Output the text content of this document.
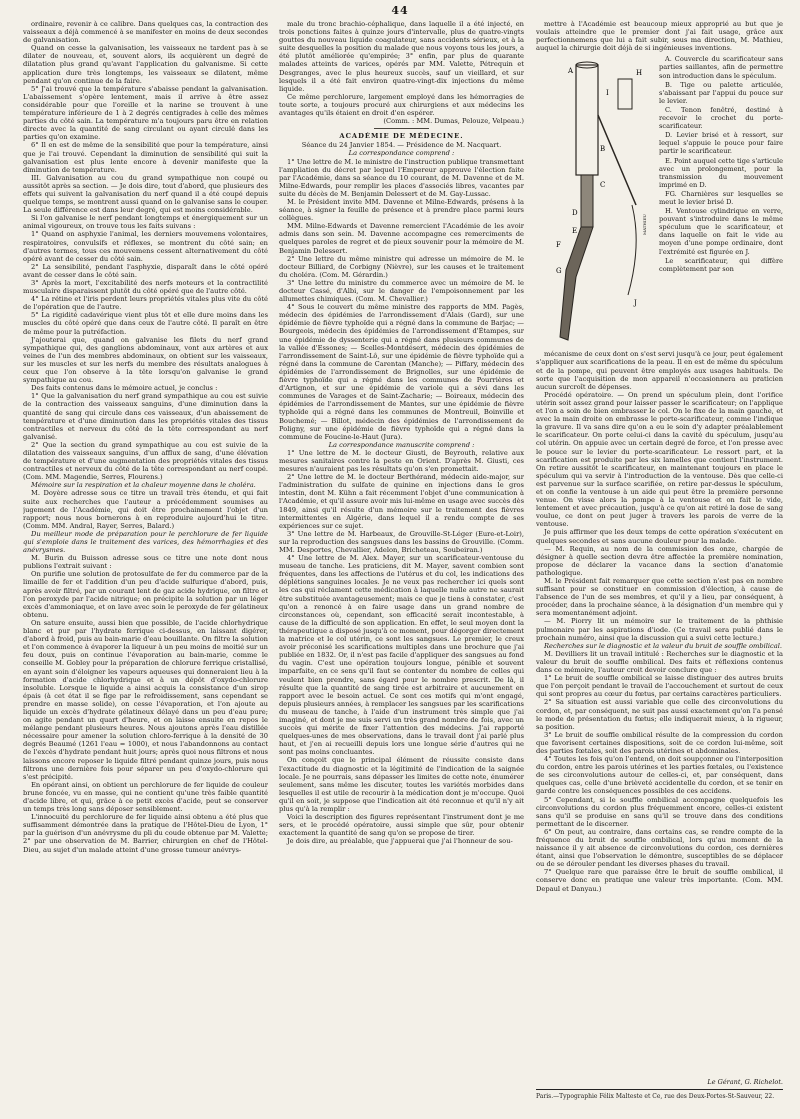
44

ordinaire, revenir à ce calibre. Dans quelques cas, la contraction des vaisseaux a déjà commencé à se manifester en moins de deux secondes de galvanisation.

Quand on cesse la galvanisation, les vaisseaux ne tardent pas à se dilater de nouveau, et, souvent alors, ils acquièrent un degré de dilatation plus grand qu'avant l'application du galvanisme. Si cette application dure très longtemps, les vaisseaux se dilatent, même pendant qu'on continue de la faire.

5° J'ai trouvé que la température s'abaisse pendant la galvanisation. L'abaissement s'opère lentement, mais il arrive à être assez considérable pour que l'oreille et la narine se trouvent à une température inférieure de 1 à 2 degrés centigrades à celle des mêmes parties du côté sain. La température m'a toujours paru être en relation directe avec la quantité de sang circulant ou ayant circulé dans les parties qu'on examine.

6° Il en est de même de la sensibilité que pour la température, ainsi que je l'ai trouvé. Cependant la diminution de sensibilité qui suit la galvanisation est plus lente encore à devenir manifeste que la diminution de température.

III. Galvanisation au cou du grand sympathique non coupé ou aussitôt après sa section. — Je dois dire, tout d'abord, que plusieurs des effets qui suivent la galvanisation du nerf quand il a été coupé depuis quelque temps, se montrent aussi quand on le galvanise sans le couper. La seule différence est dans leur degré, qui est moins considérable.

Si l'on galvanise le nerf pendant longtemps et énergiquement sur un animal vigoureux, on trouve tous les faits suivans :

1° Quand on asphyxie l'animal, les derniers mouvemens volontaires, respiratoires, convulsifs et réflexes, se montrent du côté sain; en d'autres termes, tous ces mouvemens cessent alternativement du côté opéré avant de cesser du côté sain.

2° La sensibilité, pendant l'asphyxie, disparaît dans le côté opéré avant de cesser dans le côté sain.

3° Après la mort, l'excitabilité des nerfs moteurs et la contractilité musculaire disparaissent plutôt du côté opéré que de l'autre côté.

4° La rétine et l'iris perdent leurs propriétés vitales plus vite du côté de l'opération que de l'autre.

5° La rigidité cadavérique vient plus tôt et elle dure moins dans les muscles du côté opéré que dans ceux de l'autre côté. Il paraît en être de même pour la putréfaction.

J'ajouterai que, quand on galvanise les filets du nerf grand sympathique qui, des ganglions abdominaux, vont aux artères et aux veines de l'un des membres abdominaux, on obtient sur les vaisseaux, sur les muscles et sur les nerfs du membre des résultats analogues à ceux que l'on observe à la tête lorsqu'on galvanise le grand sympathique au cou.

Des faits contenus dans le mémoire actuel, je conclus :

1° Que la galvanisation du nerf grand sympathique au cou est suivie de la contraction des vaisseaux sanguins, d'une diminution dans la quantité de sang qui circule dans ces vaisseaux, d'un abaissement de température et d'une diminution dans les propriétés vitales des tissus contractiles et nerveux du côté de la tête correspondant au nerf galvanisé.

2° Que la section du grand sympathique au cou est suivie de la dilatation des vaisseaux sanguins, d'un afflux de sang, d'une élévation de température et d'une augmentation des propriétés vitales des tissus contractiles et nerveux du côté de la tête correspondant au nerf coupé. (Com. MM. Magendie, Serres, Flourens.)

Mémoire sur la respiration et la chaleur moyenne dans le choléra.

M. Doyère adresse sous ce titre un travail très étendu, et qui fait suite aux recherches que l'auteur a précédemment soumises au jugement de l'Académie, qui doit être prochainement l'objet d'un rapport; nous nous bornerons à en reproduire aujourd'hui le titre. (Comm. MM. Andral, Rayer, Serres, Balard.)

Du meilleur mode de préparation pour le perchlorure de fer liquide qui s'emploie dans le traitement des varices, des hémorrhagies et des anévrysmes.

M. Burin du Buisson adresse sous ce titre une note dont nous publions l'extrait suivant :

On purifie une solution de protosulfate de fer du commerce par de la limaille de fer et l'addition d'un peu d'acide sulfurique d'abord, puis, après avoir filtré, par un courant lent de gaz acide hydrique, on filtre et l'on peroxyde par l'acide nitrique; on précipite la solution par un léger excès d'ammoniaque, et on lave avec soin le peroxyde de fer gélatineux obtenu.

On sature ensuite, aussi bien que possible, de l'acide chlorhydrique blanc et pur par l'hydrate ferrique ci-dessus, en laissant digérer, d'abord à froid, puis au bain-marie d'eau bouillante. On filtre la solution et l'on commence à évaporer la liqueur à un peu moins de moitié sur un feu doux, puis on continue l'évaporation au bain-marie, comme le conseille M. Gobley pour la préparation de chlorure ferrique cristallisé, en ayant soin d'éloigner les vapeurs aqueuses qui donneraient lieu à la formation d'acide chlorhydrique et à un dépôt d'oxydo-chlorure insoluble. Lorsque le liquide a ainsi acquis la consistance d'un sirop épais (à cet état il se fige par le refroidissement, sans cependant se prendre en masse solide), on cesse l'évaporation, et l'on ajoute au liquide un excès d'hydrate gélatineux délayé dans un peu d'eau pure; on agite pendant un quart d'heure, et on laisse ensuite en repos le mélange pendant plusieurs heures. Nous ajoutons après l'eau distillée nécessaire pour amener la solution chloro-ferrique à la densité de 30 degrés Beaumé (1261 l'eau = 1000), et nous l'abandonnons au contact de l'excès d'hydrate pendant huit jours; après quoi nous filtrons et nous laissons encore reposer le liquide filtré pendant quinze jours, puis nous filtrons une dernière fois pour séparer un peu d'oxydo-chlorure qui s'est précipité.

En opérant ainsi, on obtient un perchlorure de fer liquide de couleur brune foncée, vu en masse, qui ne contient qu'une très faible quantité d'acide libre, et qui, grâce à ce petit excès d'acide, peut se conserver un temps très long sans déposer sensiblement.

L'innocuité du perchlorure de fer liquide ainsi obtenu a été plus que suffisamment démontrée dans la pratique de l'Hôtel-Dieu de Lyon, 1° par la guérison d'un anévrysme du pli du coude obtenue par M. Valette; 2° par une observation de M. Barrier, chirurgien en chef de l'Hôtel-Dieu, au sujet d'un malade atteint d'une grosse tumeur anévrys-

male du tronc brachio-céphalique, dans laquelle il a été injecté, en trois ponctions faites à quinze jours d'intervalle, plus de quatre-vingts gouttes du nouveau liquide coagulateur, sans accidents sérieux, et à la suite desquelles la position du malade que nous voyons tous les jours, a été plutôt améliorée qu'empirée; 3° enfin, par plus de quarante malades atteints de varices, opérés par MM. Valette, Pétrequin et Desgranges, avec le plus heureux succès, sauf un vieillard, et sur lesquels il a été fait environ quatre-vingt-dix injections du même liquide.

Ce même perchlorure, largement employé dans les hémorragies de toute sorte, a toujours procuré aux chirurgiens et aux médecins les avantages qu'ils étaient en droit d'en espérer.

(Comm. : MM. Dumas, Pelouze, Velpeau.)

ACADÉMIE DE MÉDECINE.

Séance du 24 Janvier 1854. — Présidence de M. Nacquart.

La correspondance comprend :

1° Une lettre de M. le ministre de l'instruction publique transmettant l'ampliation du décret par lequel l'Empereur approuve l'élection faite par l'Académie, dans sa séance du 10 courant, de M. Davenne et de M. Milne-Edwards, pour remplir les places d'associés libres, vacantes par suite du décès de M. Benjamin Delessert et de M. Gay-Lussac.

M. le Président invite MM. Davenne et Milne-Edwards, présens à la séance, à signer la feuille de présence et à prendre place parmi leurs collègues.

MM. Milne-Edwards et Davenne remercient l'Académie de les avoir admis dans son sein. M. Davenne accompagne ces remerciments de quelques paroles de regret et de pieux souvenir pour la mémoire de M. Benjamin Delessert.

2° Une lettre du même ministre qui adresse un mémoire de M. le docteur Billiard, de Corbigny (Nièvre), sur les causes et le traitement du choléra. (Com. M. Gérardin.)

3° Une lettre du ministre du commerce avec un mémoire de M. le docteur Cassé, d'Albi, sur le danger de l'empoisonnement par les allumettes chimiques. (Com. M. Chevallier.)

4° Sous le couvert du même ministre des rapports de MM. Pagès, médecin des épidémies de l'arrondissement d'Alais (Gard), sur une épidémie de fièvre typhoïde qui a régné dans la commune de Barjac; — Bourgeois, médecin des épidémies de l'arrondissement d'Étampes, sur une épidémie de dyssenterie qui a régné dans plusieurs communes de la vallée d'Essones; — Scelles-Montdésert, médecin des épidémies de l'arrondissement de Saint-Lô, sur une épidémie de fièvre typhoïde qui a régné dans la commune de Carentan (Manche); — Piffary, médecin des épidémies de l'arrondissement de Brignolles, sur une épidémie de fièvre typhoïde qui a régné dans les communes de Pourrières et d'Artignon, et sur une épidémie de variole qui a sévi dans les communes de Varages et de Saint-Zacharie; — Boireaux, médecin des épidémies de l'arrondissement de Mantes, sur une épidémie de fièvre typhoïde qui a régné dans les communes de Montreuil, Boinville et Bouchemé; — Billot, médecin des épidémies de l'arrondissement de Poligny, sur une épidémie de fièvre typhoïde qui a régné dans la commune de Foucine-le-Haut (Jura).

La correspondance manuscrite comprend :

1° Une lettre de M. le docteur Giusti, de Beyrouth, relative aux mesures sanitaires contre la peste en Orient. D'après M. Giusti, ces mesures n'auraient pas les résultats qu'on s'en promettait.

2° Une lettre de M. le docteur Berthérand, médecin aide-major, sur l'administration du sulfate de quinine en injections dans le gros intestin, dont M. Kühn a fait récemment l'objet d'une communication à l'Académie, et qu'il assure avoir mis lui-même en usage avec succès dès 1849, ainsi qu'il résulte d'un mémoire sur le traitement des fièvres intermittentes en Algérie, dans lequel il a rendu compte de ses expériences sur ce sujet.

3° Une lettre de M. Harbeaux, de Grouville-St-Léger (Eure-et-Loir), sur la reproduction des sangsues dans les bassins de Grouville. (Comm. MM. Desportes, Chevallier, Adelon, Bricheteau, Soubeiran.)

4° Une lettre de M. Alex. Mayer, sur un scarificateur-ventouse du museau de tanche. Les praticiens, dit M. Mayer, savent combien sont fréquentes, dans les affections de l'utérus et du col, les indications des déplétions sanguines locales. Je ne veux pas rechercher ici quels sont les cas qui réclament cette médication à laquelle nulle autre ne saurait être substituée avantageusement; mais ce que je tiens à constater, c'est qu'on a renoncé à en faire usage dans un grand nombre de circonstances où, cependant, son efficacité serait incontestable, à cause de la difficulté de son application. En effet, le seul moyen dont la thérapeutique a disposé jusqu'à ce moment, pour dégorger directement la matrice et le col utérin, ce sont les sangsues. Le premier, le creux avoir préconisé les scarifications multiples dans une brochure que j'ai publiée en 1832. Or, il n'est pas facile d'appliquer des sangsues au fond du vagin. C'est une opération toujours longue, pénible et souvent imparfaite, en ce sens qu'il faut se contenter du nombre de celles qui veulent bien prendre, sans égard pour le nombre prescrit. De là, il résulte que la quantité de sang tirée est arbitraire et aucunement en rapport avec le besoin actuel. Ce sont ces motifs qui m'ont engagé, depuis plusieurs années, à remplacer les sangsues par les scarifications du museau de tanche, à l'aide d'un instrument très simple que j'ai imaginé, et dont je me suis servi un très grand nombre de fois, avec un succès qui mérite de fixer l'attention des médecins. J'ai rapporté quelques-unes de mes observations, dans le travail dont j'ai parlé plus haut, et j'en ai recueilli depuis lors une longue série d'autres qui ne sont pas moins concluantes.

On conçoit que le principal élément de réussite consiste dans l'exactitude du diagnostic et la légitimité de l'indication de la saignée locale. Je ne pourrais, sans dépasser les limites de cette note, énumérer seulement, sans même les discuter, toutes les variétés morbides dans lesquelles il est utile de recourir à la médication dont je m'occupe. Quoi qu'il en soit, je suppose que l'indication ait été reconnue et qu'il n'y ait plus qu'à la remplir :

Voici la description des figures représentant l'instrument dont je me sers, et le procédé opératoire, aussi simple que sûr, pour obtenir exactement la quantité de sang qu'on se propose de tirer.

Je dois dire, au préalable, que j'appuerai que j'ai l'honneur de sou-

mettre à l'Académie est beaucoup mieux approprié au but que je voulais atteindre que le premier dont j'ai fait usage, grâce aux perfectionnemens que lui a fait subir, sous ma direction, M. Mathieu, auquel la chirurgie doit déjà de si ingénieuses inventions.

A
B
C
D
E
F
G
H
I
J
MATHIEU

A. Couvercle du scarificateur sans parties saillantes, afin de permettre son introduction dans le spéculum.

B. Tige ou palette articulée, s'abaissant par l'appui du pouce sur le levier.

C. Tenon fenêtré, destiné à recevoir le crochet du porte-scarificateur.

D. Levier brisé et à ressort, sur lequel s'appuie le pouce pour faire partir le scarificateur.

E. Point auquel cette tige s'articule avec un prolongement, pour la transmission du mouvement imprimé en D.

FG. Charnières sur lesquelles se meut le levier brisé D.

H. Ventouse cylindrique en verre, pouvant s'introduire dans le même spéculum que le scarificateur, et dans laquelle on fait le vide au moyen d'une pompe ordinaire, dont l'extrémité est figurée en J.

Le scarificateur, qui diffère complètement par son

mécanisme de ceux dont on s'est servi jusqu'à ce jour, peut également s'appliquer aux scarifications de la peau. Il en est de même du spéculum et de la pompe, qui peuvent être employés aux usages habituels. De sorte que l'acquisition de mon appareil n'occasionnera au praticien aucun surcroît de dépenses.

Procédé opératoire. — On prend un spéculum plein, dont l'orifice utérin soit assez grand pour laisser passer le scarificateur; on l'applique et l'on a soin de bien embrasser le col. On le fixe de la main gauche, et avec la main droite on embrasse le porte-scarificateur, comme l'indique la gravure. Il va sans dire qu'on a eu le soin d'y adapter préalablement le scarificateur. On porte celui-ci dans la cavité du spéculum, jusqu'au col utérin. On appuie avec un certain degré de force, et l'on presse avec le pouce sur le levier du porte-scarificateur. Le ressort part, et la scarification est produite par les six lamelles que contient l'instrument. On retire aussitôt le scarificateur, en maintenant toujours en place le spéculum qui va servir à l'introduction de la ventouse. Dès que celle-ci est parvenue sur la surface scarifiée, on retire par-dessus le spéculum, et on confie la ventouse à un aide qui peut être la première personne venue. On visse alors la pompe à la ventouse et on fait le vide, lentement et avec précaution, jusqu'à ce qu'on ait retiré la dose de sang voulue, ce dont on peut juger à travers les parois de verre de la ventouse.

Je puis affirmer que les deux temps de cette opération s'exécutent en quelques secondes et sans aucune douleur pour la malade.

— M. Requin, au nom de la commission des onze, chargée de désigner à quelle section devra être affectée la première nomination, propose de déclarer la vacance dans la section d'anatomie pathologique.

M. le Président fait remarquer que cette section n'est pas en nombre suffisant pour se constituer en commission d'élection, à cause de l'absence de l'un de ses membres, et qu'il y a lieu, par conséquent, à procéder, dans la prochaine séance, à la désignation d'un membre qui y sera momentanément adjoint.

— M. Piorry lit un mémoire sur le traitement de la phthisie pulmonaire par les aspirations d'iode. (Ce travail sera publié dans le prochain numéro, ainsi que la discussion qui a suivi cette lecture.)

Recherches sur le diagnostic et la valeur du bruit de souffle ombilical.

M. Devilliers lit un travail intitulé : Recherches sur le diagnostic et la valeur du bruit de souffle ombilical. Des faits et réflexions contenus dans ce mémoire, l'auteur croit devoir conclure que :

1° Le bruit de souffle ombilical se laisse distinguer des autres bruits que l'on perçoit pendant le travail de l'accouchement et surtout de ceux qui sont propres au cœur du fœtus, par certains caractères particuliers.

2° Sa situation est aussi variable que celle des circonvolutions du cordon, et, par conséquent, ne suit pas aussi exactement qu'on l'a pensé le mode de présentation du fœtus; elle indiquerait mieux, à la rigueur, sa position.

3° Le bruit de souffle ombilical résulte de la compression du cordon que favorisent certaines dispositions, soit de ce cordon lui-même, soit des parties fœtales, soit des parois utérines et abdominales.

4° Toutes les fois qu'on l'entend, on doit soupçonner ou l'interposition du cordon, entre les parois utérines et les parties fœtales, ou l'existence de ses circonvolutions autour de celles-ci, et, par conséquent, dans quelques cas, celle d'une brièveté accidentelle du cordon, et se tenir en garde contre les conséquences possibles de ces accidens.

5° Cependant, si le souffle ombilical accompagne quelquefois les circonvolutions du cordon plus fréquemment encore, celles-ci existent sans qu'il se produise en sans qu'il se trouve dans des conditions permettant de le discerner.

6° On peut, au contraire, dans certains cas, se rendre compte de la fréquence du bruit de souffle ombilical, lors qu'au moment de la naissance il y ait absence de circonvolutions du cordon, ces dernières étant, ainsi que l'observation le démontre, susceptibles de se déplacer ou de se dérouler pendant les diverses phases du travail.

7° Quelque rare que paraisse être le bruit de souffle ombilical, il conserve donc en pratique une valeur très importante. (Com. MM. Depaul et Danyau.)

Le Gérant, G. Richelot.
Paris.—Typographie Félix Malteste et Ce, rue des Deux-Portes-St-Sauveur, 22.
